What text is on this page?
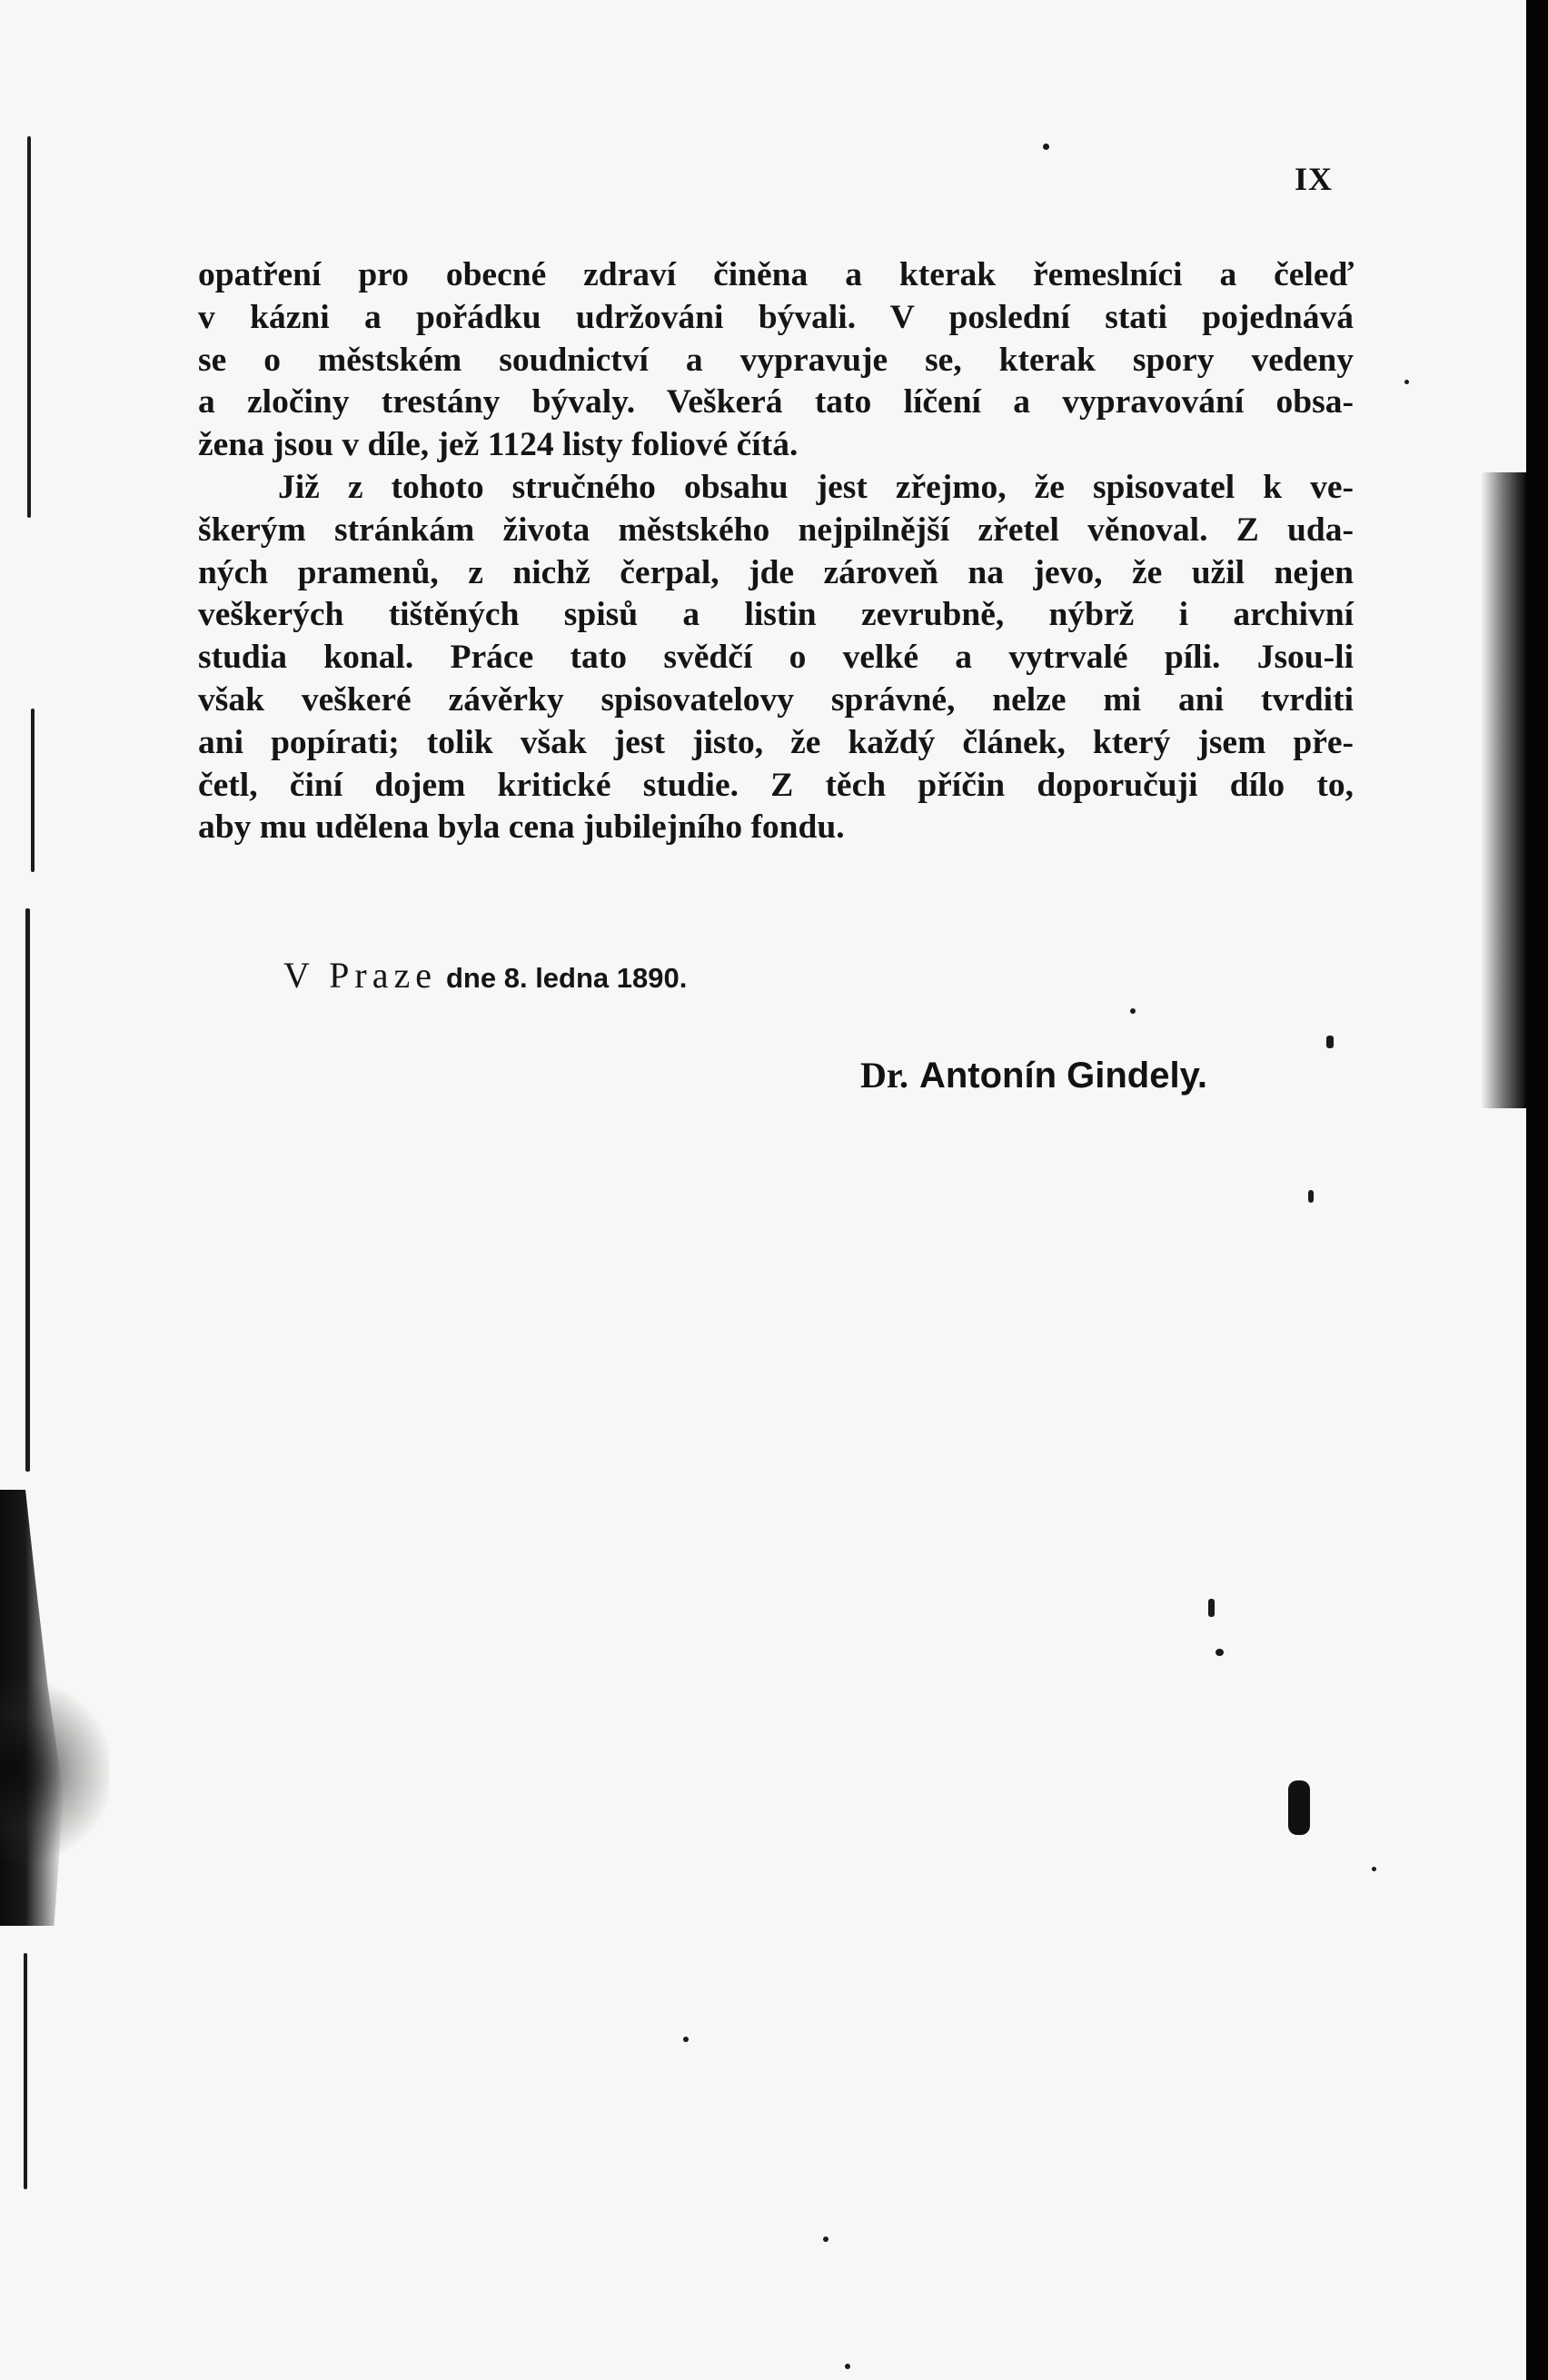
IX
opatření pro obecné zdraví činěna a kterak řemeslníci a čeleď
v kázni a pořádku udržováni bývali. V poslední stati pojednává
se o městském soudnictví a vypravuje se, kterak spory vedeny
a zločiny trestány bývaly. Veškerá tato líčení a vypravování obsa-
žena jsou v díle, jež 1124 listy foliové čítá.
Již z tohoto stručného obsahu jest zřejmo, že spisovatel k ve-
škerým stránkám života městského nejpilnější zřetel věnoval. Z uda-
ných pramenů, z nichž čerpal, jde zároveň na jevo, že užil nejen
veškerých tištěných spisů a listin zevrubně, nýbrž i archivní
studia konal. Práce tato svědčí o velké a vytrvalé píli. Jsou-li
však veškeré závěrky spisovatelovy správné, nelze mi ani tvrditi
ani popírati; tolik však jest jisto, že každý článek, který jsem pře-
četl, činí dojem kritické studie. Z těch příčin doporučuji dílo to,
aby mu udělena byla cena jubilejního fondu.
V Praze dne 8. ledna 1890.
Dr. Antonín Gindely.
